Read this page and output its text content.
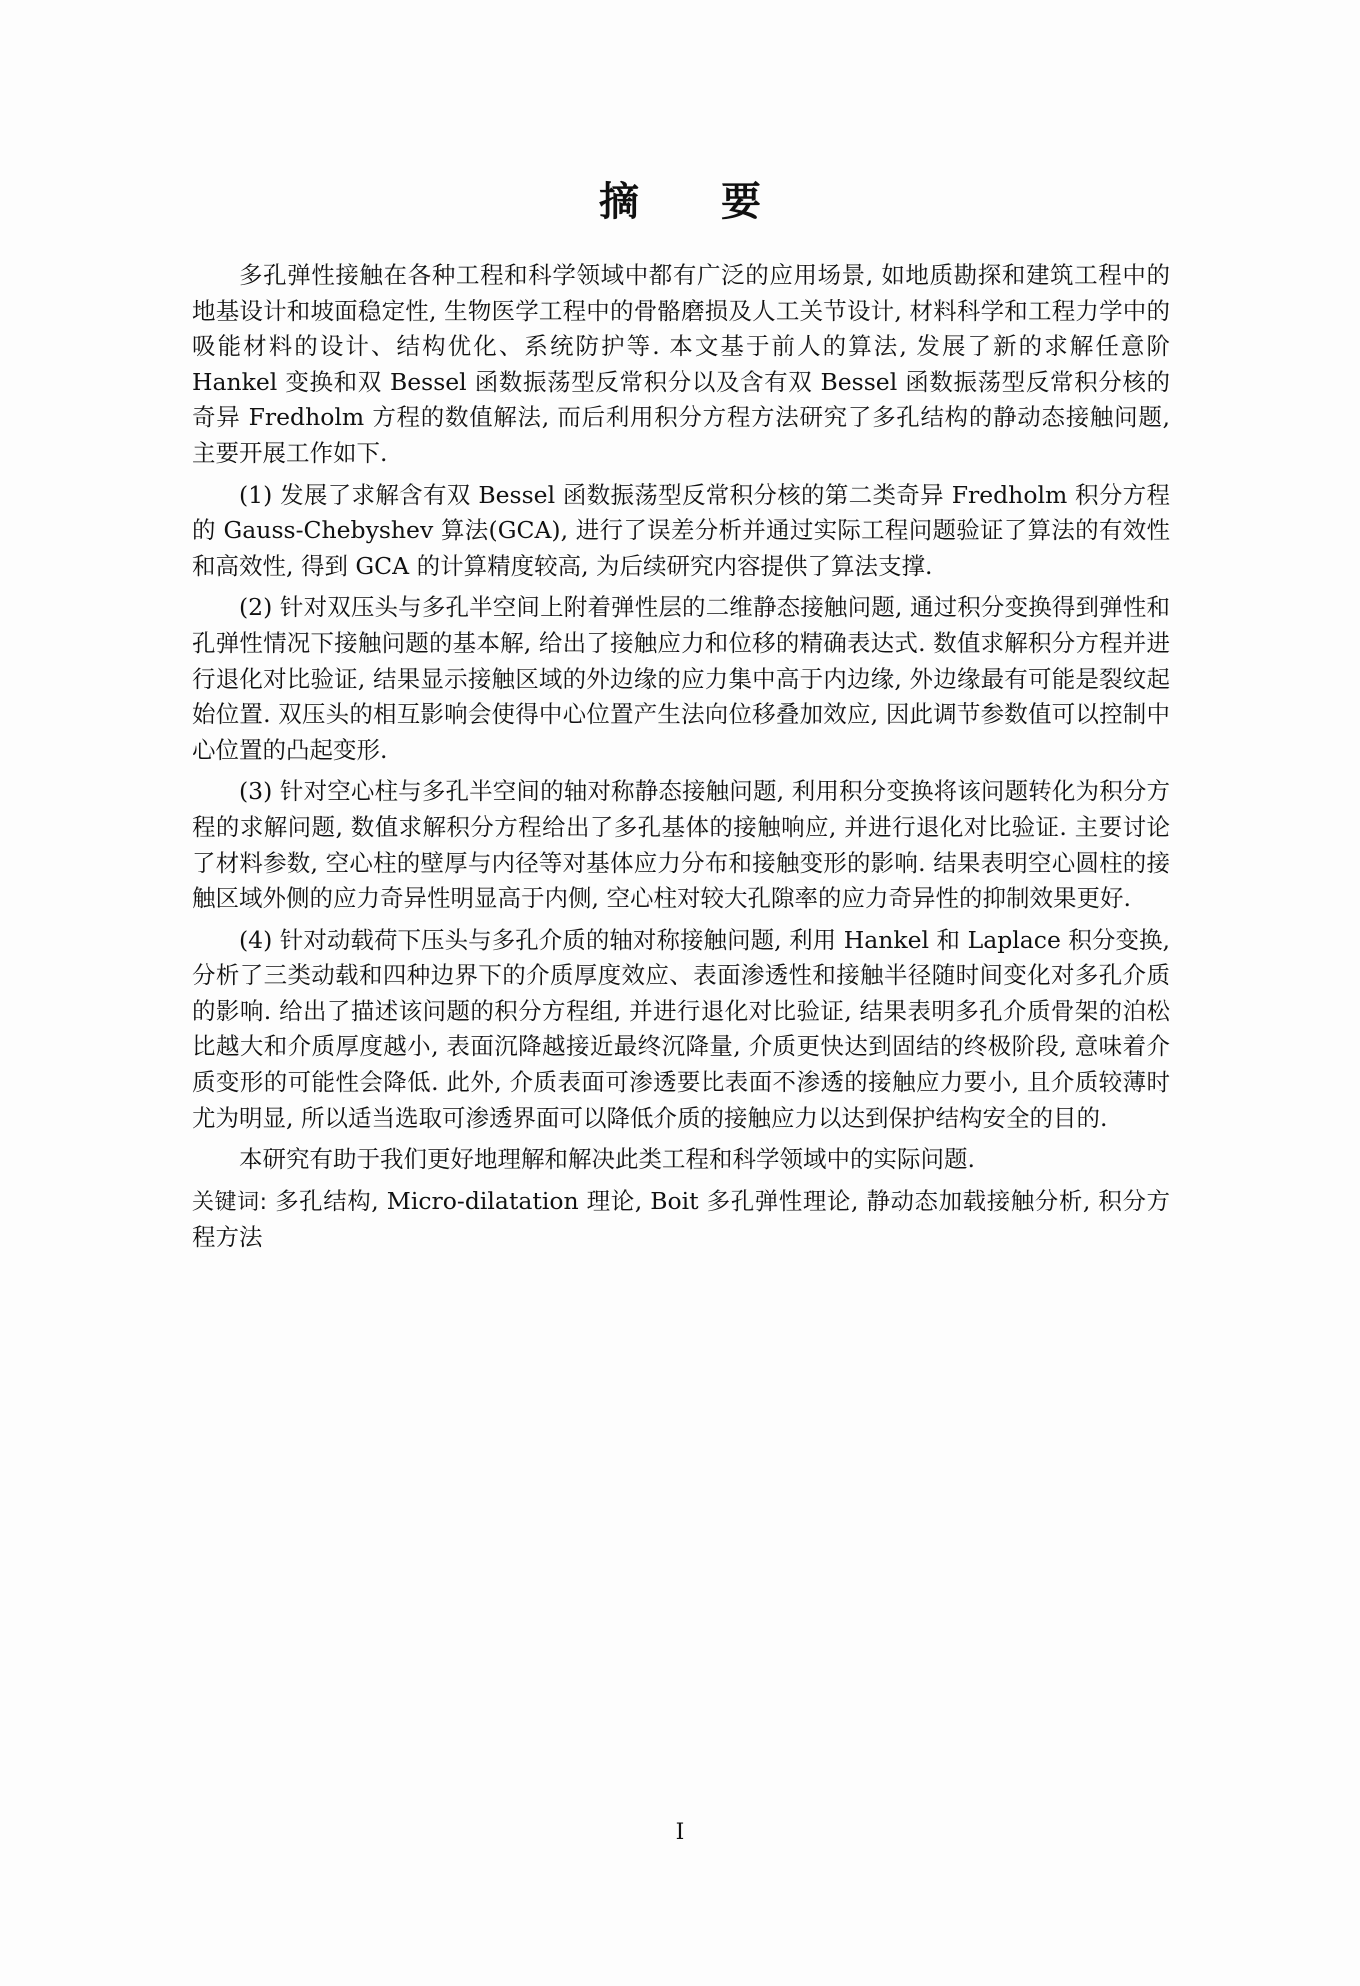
摘 要

多孔弹性接触在各种工程和科学领域中都有广泛的应用场景, 如地质勘探和建筑工程中的地基设计和坡面稳定性, 生物医学工程中的骨骼磨损及人工关节设计, 材料科学和工程力学中的吸能材料的设计、结构优化、系统防护等. 本文基于前人的算法, 发展了新的求解任意阶 Hankel 变换和双 Bessel 函数振荡型反常积分以及含有双 Bessel 函数振荡型反常积分核的奇异 Fredholm 方程的数值解法, 而后利用积分方程方法研究了多孔结构的静动态接触问题, 主要开展工作如下.

(1) 发展了求解含有双 Bessel 函数振荡型反常积分核的第二类奇异 Fredholm 积分方程的 Gauss-Chebyshev 算法(GCA), 进行了误差分析并通过实际工程问题验证了算法的有效性和高效性, 得到 GCA 的计算精度较高, 为后续研究内容提供了算法支撑.

(2) 针对双压头与多孔半空间上附着弹性层的二维静态接触问题, 通过积分变换得到弹性和孔弹性情况下接触问题的基本解, 给出了接触应力和位移的精确表达式. 数值求解积分方程并进行退化对比验证, 结果显示接触区域的外边缘的应力集中高于内边缘, 外边缘最有可能是裂纹起始位置. 双压头的相互影响会使得中心位置产生法向位移叠加效应, 因此调节参数值可以控制中心位置的凸起变形.

(3) 针对空心柱与多孔半空间的轴对称静态接触问题, 利用积分变换将该问题转化为积分方程的求解问题, 数值求解积分方程给出了多孔基体的接触响应, 并进行退化对比验证. 主要讨论了材料参数, 空心柱的壁厚与内径等对基体应力分布和接触变形的影响. 结果表明空心圆柱的接触区域外侧的应力奇异性明显高于内侧, 空心柱对较大孔隙率的应力奇异性的抑制效果更好.

(4) 针对动载荷下压头与多孔介质的轴对称接触问题, 利用 Hankel 和 Laplace 积分变换, 分析了三类动载和四种边界下的介质厚度效应、表面渗透性和接触半径随时间变化对多孔介质的影响. 给出了描述该问题的积分方程组, 并进行退化对比验证, 结果表明多孔介质骨架的泊松比越大和介质厚度越小, 表面沉降越接近最终沉降量, 介质更快达到固结的终极阶段, 意味着介质变形的可能性会降低. 此外, 介质表面可渗透要比表面不渗透的接触应力要小, 且介质较薄时尤为明显, 所以适当选取可渗透界面可以降低介质的接触应力以达到保护结构安全的目的.

本研究有助于我们更好地理解和解决此类工程和科学领域中的实际问题.

关键词: 多孔结构, Micro-dilatation 理论, Boit 多孔弹性理论, 静动态加载接触分析, 积分方程方法

I
